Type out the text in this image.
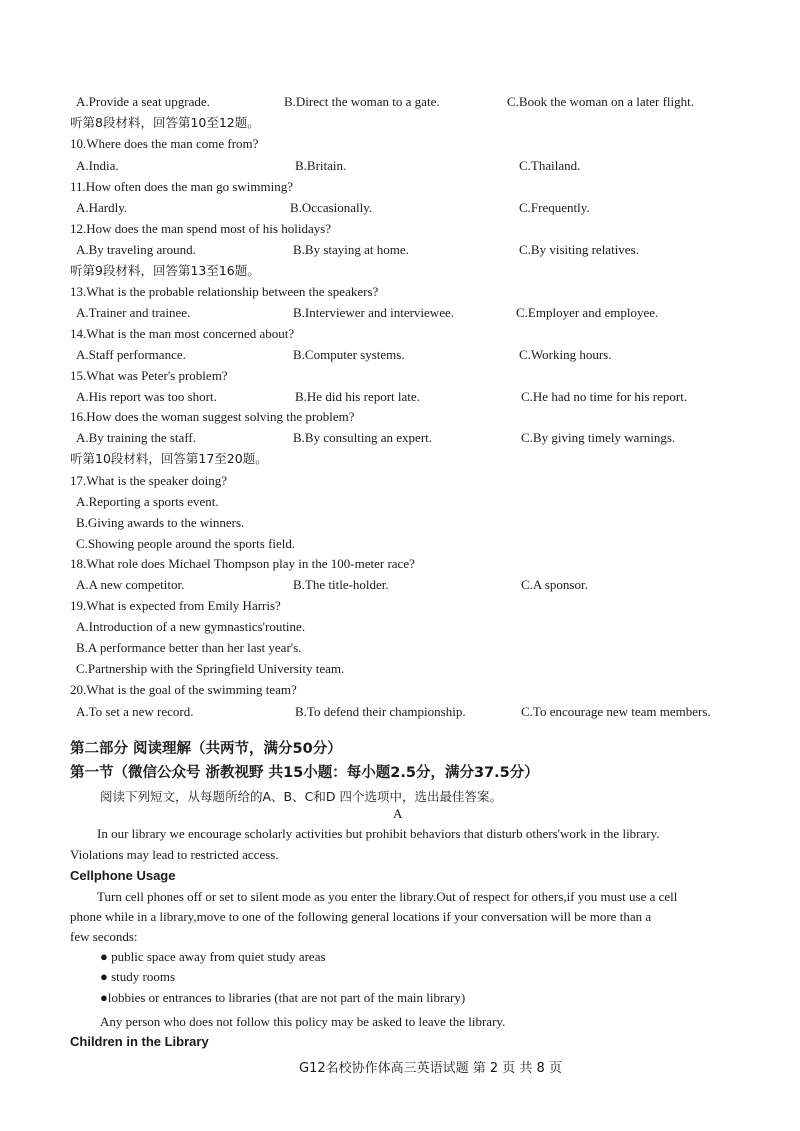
A.Provide a seat upgrade.	B.Direct the woman to a gate.	C.Book the woman on a later flight.
听第8段材料，回答第10至12题。
10.Where does the man come from?
A.India.	B.Britain.	C.Thailand.
11.How often does the man go swimming?
A.Hardly.	B.Occasionally.	C.Frequently.
12.How does the man spend most of his holidays?
A.By traveling around.	B.By staying at home.	C.By visiting relatives.
听第9段材料，回答第13至16题。
13.What is the probable relationship between the speakers?
A.Trainer and trainee.	B.Interviewer and interviewee.	C.Employer and employee.
14.What is the man most concerned about?
A.Staff performance.	B.Computer systems.	C.Working hours.
15.What was Peter's problem?
A.His report was too short.	B.He did his report late.	C.He had no time for his report.
16.How does the woman suggest solving the problem?
A.By training the staff.	B.By consulting an expert.	C.By giving timely warnings.
听第10段材料，回答第17至20题。
17.What is the speaker doing?
A.Reporting a sports event.
B.Giving awards to the winners.
C.Showing people around the sports field.
18.What role does Michael Thompson play in the 100-meter race?
A.A new competitor.	B.The title-holder.	C.A sponsor.
19.What is expected from Emily Harris?
A.Introduction of a new gymnastics'routine.
B.A performance better than her last year's.
C.Partnership with the Springfield University team.
20.What is the goal of the swimming team?
A.To set a new record.	B.To defend their championship.	C.To encourage new team members.
第二部分 阅读理解（共两节，满分50分）
第一节（微信公众号 浙教视野 共15小题：每小题2.5分，满分37.5分）
阅读下列短文，从每题所给的A、B、C和D 四个选项中，选出最佳答案。
A
In our library we encourage scholarly activities but prohibit behaviors that disturb others'work in the library.
Violations may lead to restricted access.
Cellphone Usage
Turn cell phones off or set to silent mode as you enter the library.Out of respect for others,if you must use a cell
phone while in a library,move to one of the following general locations if your conversation will be more than a
few seconds:
● public space away from quiet study areas
● study rooms
●lobbies or entrances to libraries (that are not part of the main library)
Any person who does not follow this policy may be asked to leave the library.
Children in the Library
G12名校协作体高三英语试题 第 2 页 共 8 页
